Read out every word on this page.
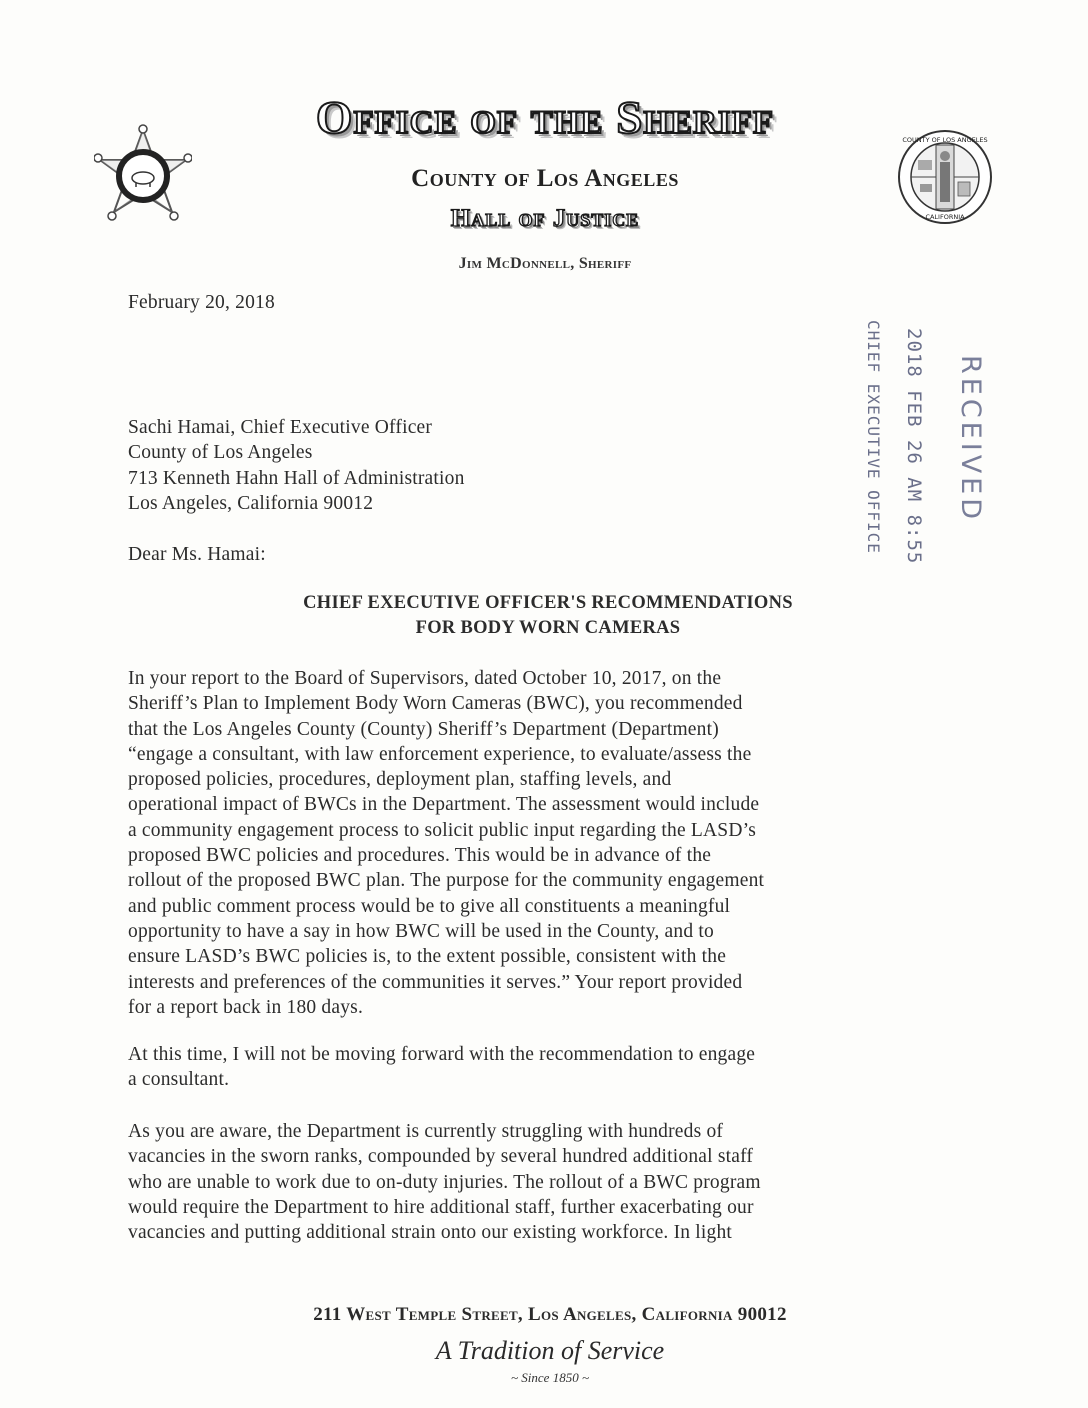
Office of the Sheriff
County of Los Angeles
Hall of Justice
Jim McDonnell, Sheriff
COUNTY OF LOS ANGELES
CALIFORNIA
RECEIVED
2018 FEB 26 AM 8:55
CHIEF EXECUTIVE OFFICE
February 20, 2018
Sachi Hamai, Chief Executive Officer
County of Los Angeles
713 Kenneth Hahn Hall of Administration
Los Angeles, California 90012
Dear Ms. Hamai:
CHIEF EXECUTIVE OFFICER'S RECOMMENDATIONS
FOR BODY WORN CAMERAS
In your report to the Board of Supervisors, dated October 10, 2017, on the
Sheriff’s Plan to Implement Body Worn Cameras (BWC), you recommended
that the Los Angeles County (County) Sheriff’s Department (Department)
“engage a consultant, with law enforcement experience, to evaluate/assess the
proposed policies, procedures, deployment plan, staffing levels, and
operational impact of BWCs in the Department. The assessment would include
a community engagement process to solicit public input regarding the LASD’s
proposed BWC policies and procedures. This would be in advance of the
rollout of the proposed BWC plan. The purpose for the community engagement
and public comment process would be to give all constituents a meaningful
opportunity to have a say in how BWC will be used in the County, and to
ensure LASD’s BWC policies is, to the extent possible, consistent with the
interests and preferences of the communities it serves.” Your report provided
for a report back in 180 days.
At this time, I will not be moving forward with the recommendation to engage
a consultant.
As you are aware, the Department is currently struggling with hundreds of
vacancies in the sworn ranks, compounded by several hundred additional staff
who are unable to work due to on-duty injuries. The rollout of a BWC program
would require the Department to hire additional staff, further exacerbating our
vacancies and putting additional strain onto our existing workforce. In light
211 West Temple Street, Los Angeles, California 90012
A Tradition of Service
~ Since 1850 ~
